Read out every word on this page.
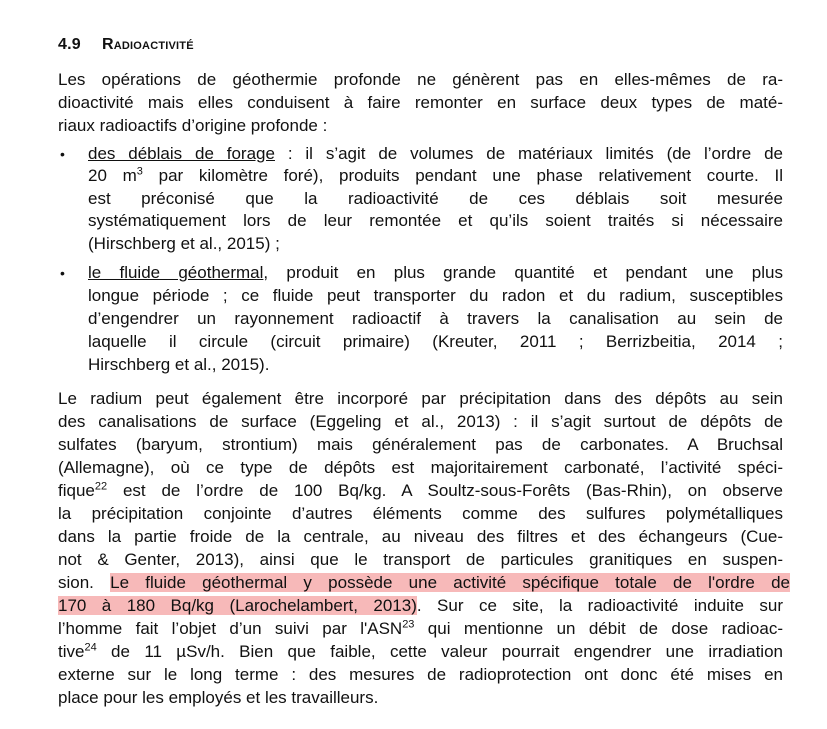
4.9 Radioactivité
Les opérations de géothermie profonde ne génèrent pas en elles-mêmes de ra-
dioactivité mais elles conduisent à faire remonter en surface deux types de maté-
riaux radioactifs d’origine profonde :
• des déblais de forage : il s’agit de volumes de matériaux limités (de l’ordre de
20 $m^3$ par kilomètre foré), produits pendant une phase relativement courte. Il
est préconisé que la radioactivité de ces déblais soit mesurée
systématiquement lors de leur remontée et qu’ils soient traités si nécessaire
(Hirschberg et al., 2015) ;
• le fluide géothermal, produit en plus grande quantité et pendant une plus
longue période ; ce fluide peut transporter du radon et du radium, susceptibles
d’engendrer un rayonnement radioactif à travers la canalisation au sein de
laquelle il circule (circuit primaire) (Kreuter, 2011 ; Berrizbeitia, 2014 ;
Hirschberg et al., 2015).
Le radium peut également être incorporé par précipitation dans des dépôts au sein
des canalisations de surface (Eggeling et al., 2013) : il s’agit surtout de dépôts de
sulfates (baryum, strontium) mais généralement pas de carbonates. A Bruchsal
(Allemagne), où ce type de dépôts est majoritairement carbonaté, l’activité spéci-
fique$^{22}$ est de l’ordre de 100 Bq/kg. A Soultz-sous-Forêts (Bas-Rhin), on observe
la précipitation conjointe d’autres éléments comme des sulfures polymétalliques
dans la partie froide de la centrale, au niveau des filtres et des échangeurs (Cue-
not & Genter, 2013), ainsi que le transport de particules granitiques en suspen-
sion. Le fluide géothermal y possède une activité spécifique totale de l'ordre de
170 à 180 Bq/kg (Larochelambert, 2013). Sur ce site, la radioactivité induite sur
l’homme fait l’objet d’un suivi par l'ASN$^{23}$ qui mentionne un débit de dose radioac-
tive$^{24}$ de 11 µSv/h. Bien que faible, cette valeur pourrait engendrer une irradiation
externe sur le long terme : des mesures de radioprotection ont donc été mises en
place pour les employés et les travailleurs.
